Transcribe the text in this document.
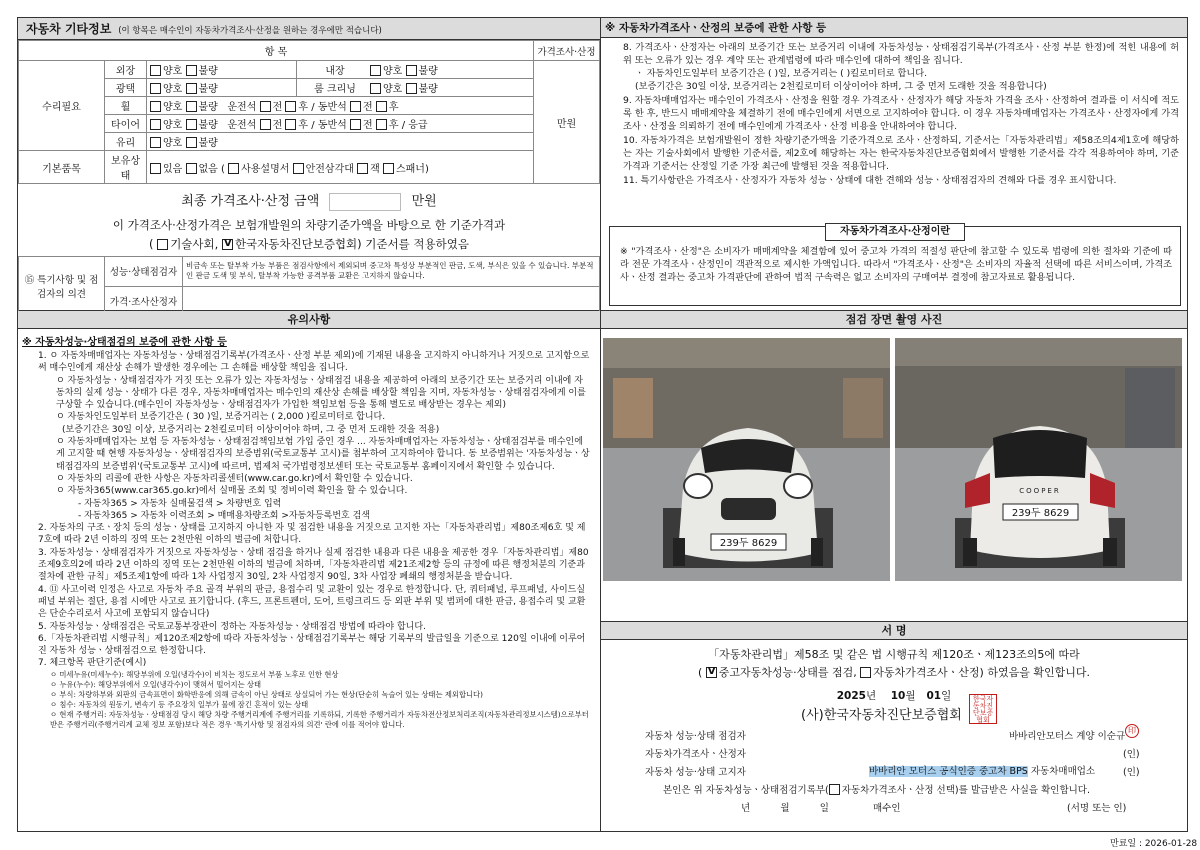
자동차 기타정보 (이 항목은 매수인이 자동차가격조사·산정을 원하는 경우에만 적습니다)
항 목				가격조사·산정
수리필요	외장	양호 불량	내장 양호 불량	만원
	광택	양호 불량	룸 크리닝 양호 불량	
	휠	양호 불량 운전석 전 후 / 동반석 전 후		
	타이어	양호 불량 운전석 전 후 / 동반석 전 후 / 응급		
	유리	양호 불량		
기본품목	보유상태	있음 없음 ( 사용설명서 안전삼각대 잭 스패너)		
최종 가격조사·산정 금액	만원
이 가격조사·산정가격은 보험개발원의 차량기준가액을 바탕으로 한 기준가격과
( 기술사회, V 한국자동차진단보증협회) 기준서를 적용하였음
⑮ 특기사항 및 점검자의 의견	성능·상태점검자	비금속 또는 탈부착 가능 부품은 점검사항에서 제외되며 중고차 특성상 부분적인 판금, 도색, 부식은 있을 수 있습니다. 부분적인 판금 도색 및 부식, 탈부착 가능한 공격부품 교환은 고지하지 않습니다.
	가격·조사산정자	
※ 자동차가격조사ㆍ산정의 보증에 관한 사항 등
8. 가격조사ㆍ산정자는 아래의 보증기간 또는 보증거리 이내에 자동차성능ㆍ상태점검기록부(가격조사ㆍ산정 부분 한정)에 적힌 내용에 허위 또는 오류가 있는 경우 계약 또는 관계법령에 따라 매수인에 대하여 책임을 집니다.
ㆍ 자동차인도일부터 보증기간은 ( )일, 보증거리는 ( )킬로미터로 합니다.
(보증기간은 30일 이상, 보증거리는 2천킬로미터 이상이어야 하며, 그 중 먼저 도래한 것을 적용합니다)
9. 자동차매매업자는 매수인이 가격조사ㆍ산정을 원할 경우 가격조사ㆍ산정자가 해당 자동차 가격을 조사ㆍ산정하여 결과를 이 서식에 적도록 한 후, 반드시 매매계약을 체결하기 전에 매수인에게 서면으로 고지하여야 합니다. 이 경우 자동차매매업자는 가격조사ㆍ산정자에게 가격조사ㆍ산정을 의뢰하기 전에 매수인에게 가격조사ㆍ산정 비용을 안내하여야 합니다.
10. 자동차가격은 보험개발원이 정한 차량기준가액을 기준가격으로 조사ㆍ산정하되, 기준서는「자동차관리법」제58조의4제1호에 해당하는 자는 기술사회에서 발행한 기준서를, 제2호에 해당하는 자는 한국자동차진단보증협회에서 발행한 기준서를 각각 적용하여야 하며, 기준가격과 기준서는 산정일 기준 가장 최근에 발행된 것을 적용합니다.
11. 특기사항란은 가격조사ㆍ산정자가 자동차 성능ㆍ상태에 대한 견해와 성능ㆍ상태점검자의 견해와 다를 경우 표시합니다.
자동차가격조사·산정이란
※ "가격조사ㆍ산정"은 소비자가 매매계약을 체결함에 있어 중고차 가격의 적절성 판단에 참고할 수 있도록 법령에 의한 절차와 기준에 따라 전문 가격조사ㆍ산정인이 객관적으로 제시한 가액입니다. 따라서 "가격조사ㆍ산정"은 소비자의 자율적 선택에 따른 서비스이며, 가격조사ㆍ산정 결과는 중고차 가격판단에 관하여 법적 구속력은 없고 소비자의 구매여부 결정에 참고자료로 활용됩니다.
유의사항
※ 자동차성능·상태점검의 보증에 관한 사항 등
1. ㅇ 자동차매매업자는 자동차성능ㆍ상태점검기록부(가격조사ㆍ산정 부분 제외)에 기재된 내용을 고지하지 아니하거나 거짓으로 고지함으로써 매수인에게 재산상 손해가 발생한 경우에는 그 손해를 배상할 책임을 집니다.
ㅇ 자동차성능ㆍ상태점검자가 거짓 또는 오류가 있는 자동차성능ㆍ상태점검 내용을 제공하여 아래의 보증기간 또는 보증거리 이내에 자동차의 실제 성능ㆍ상태가 다른 경우, 자동차매매업자는 매수인의 재산상 손해를 배상할 책임을 지며, 자동차성능ㆍ상태점검자에게 이를 구상할 수 있습니다.(매수인이 자동차성능ㆍ상태점검자가 가입한 책임보험 등을 통해 별도로 배상받는 경우는 제외)
ㅇ 자동차인도일부터 보증기간은 ( 30 )일, 보증거리는 ( 2,000 )킬로미터로 합니다.
(보증기간은 30일 이상, 보증거리는 2천킬로미터 이상이어야 하며, 그 중 먼저 도래한 것을 적용)
ㅇ 자동차매매업자는 보험 등 자동차성능ㆍ상태점검책임보험 가입 중인 경우 ... 자동차매매업자는 자동차성능ㆍ상태점검부를 매수인에게 고지할 때 현행 자동차성능ㆍ상태점검자의 보증범위(국토교통부 고시)를 첨부하여 고지하여야 합니다. 동 보증범위는 '자동차성능ㆍ상태점검자의 보증범위'(국토교통부 고시)에 따르며, 법제처 국가법령정보센터 또는 국토교통부 홈페이지에서 확인할 수 있습니다.
ㅇ 자동차의 리콜에 관한 사항은 자동차리콜센터(www.car.go.kr)에서 확인할 수 있습니다.
ㅇ 자동차365(www.car365.go.kr)에서 실매물 조회 및 정비이력 확인을 할 수 있습니다.
- 자동차365 > 자동차 실매물검색 > 차량번호 입력
- 자동차365 > 자동차 이력조회 > 매매용차량조회 >자동차등록번호 검색
2. 자동차의 구조ㆍ장치 등의 성능ㆍ상태를 고지하지 아니한 자 및 점검한 내용을 거짓으로 고지한 자는「자동차관리법」제80조제6호 및 제7호에 따라 2년 이하의 징역 또는 2천만원 이하의 벌금에 처합니다.
3. 자동차성능ㆍ상태점검자가 거짓으로 자동차성능ㆍ상태 점검을 하거나 실제 점검한 내용과 다른 내용을 제공한 경우「자동차관리법」제80조제9호의2에 따라 2년 이하의 징역 또는 2천만원 이하의 벌금에 처하며,「자동차관리법 제21조제2항 등의 규정에 따른 행정처분의 기준과 절차에 관한 규칙」제5조제1항에 따라 1차 사업정지 30일, 2차 사업정지 90일, 3차 사업장 폐쇄의 행정처분을 받습니다.
4. ⑪ 사고이력 인정은 사고로 자동차 주요 골격 부위의 판금, 용접수리 및 교환이 있는 경우로 한정합니다. 단, 쿼터패널, 루프패널, 사이드실패널 부위는 절단, 용접 시에만 사고로 표기합니다. (후드, 프론트펜더, 도어, 트렁크리드 등 외판 부위 및 범퍼에 대한 판금, 용접수리 및 교환은 단순수리로서 사고에 포함되지 않습니다)
5. 자동차성능ㆍ상태점검은 국토교통부장관이 정하는 자동차성능ㆍ상태점검 방법에 따라야 합니다.
6.「자동차관리법 시행규칙」제120조제2항에 따라 자동차성능ㆍ상태점검기록부는 해당 기록부의 발급일을 기준으로 120일 이내에 이루어진 자동차 성능ㆍ상태점검으로 한정합니다.
7. 체크항목 판단기준(예시)
ㅇ 미세누유(미세누수): 해당부위에 오일(냉각수)이 비치는 정도로서 부품 노후로 인한 현상
ㅇ 누유(누수): 해당부위에서 오일(냉각수)이 맺혀서 떨어지는 상태
ㅇ 부식: 차량하부와 외판의 금속표면이 화학반응에 의해 금속이 아닌 상태로 상실되어 가는 현상(단순히 녹슬어 있는 상태는 제외합니다)
ㅇ 침수: 자동차의 원동기, 변속기 등 주요장치 일부가 물에 잠긴 흔적이 있는 상태
ㅇ 현재 주행거리: 자동차성능ㆍ상태점검 당시 해당 차량 주행거리계에 주행거리를 기록하되, 기록한 주행거리가 자동차전산정보처리조직(자동차관리정보시스템)으로부터 받은 주행거리(주행거리계 교체 정보 포함)보다 적은 경우 '특기사항 및 점검자의 의견' 란에 이를 적어야 합니다.
점검 장면 촬영 사진
239두 8629
COOPER
239두 8629
서 명
「자동차관리법」제58조 및 같은 법 시행규칙 제120조ㆍ제123조의5에 따라
( V 중고자동차성능·상태를 점검, 자동차가격조사ㆍ산정) 하였음을 확인합니다.
2025년 10월 01일
(사)한국자동차진단보증협회
한국자동차진단보증협회
자동차 성능·상태 점검자	바바리안모터스 계양 이순규
印
자동차가격조사ㆍ산정자	(인)
자동차 성능·상태 고지자	바바리안 모터스 공식인증 중고차 BPS 자동차매매업소	(인)
본인은 위 자동차성능ㆍ상태점검기록부( 자동차가격조사ㆍ산정 선택)를 발급받은 사실을 확인합니다.
년          월          일	매수인	(서명 또는 인)
만료일 : 2026-01-28
